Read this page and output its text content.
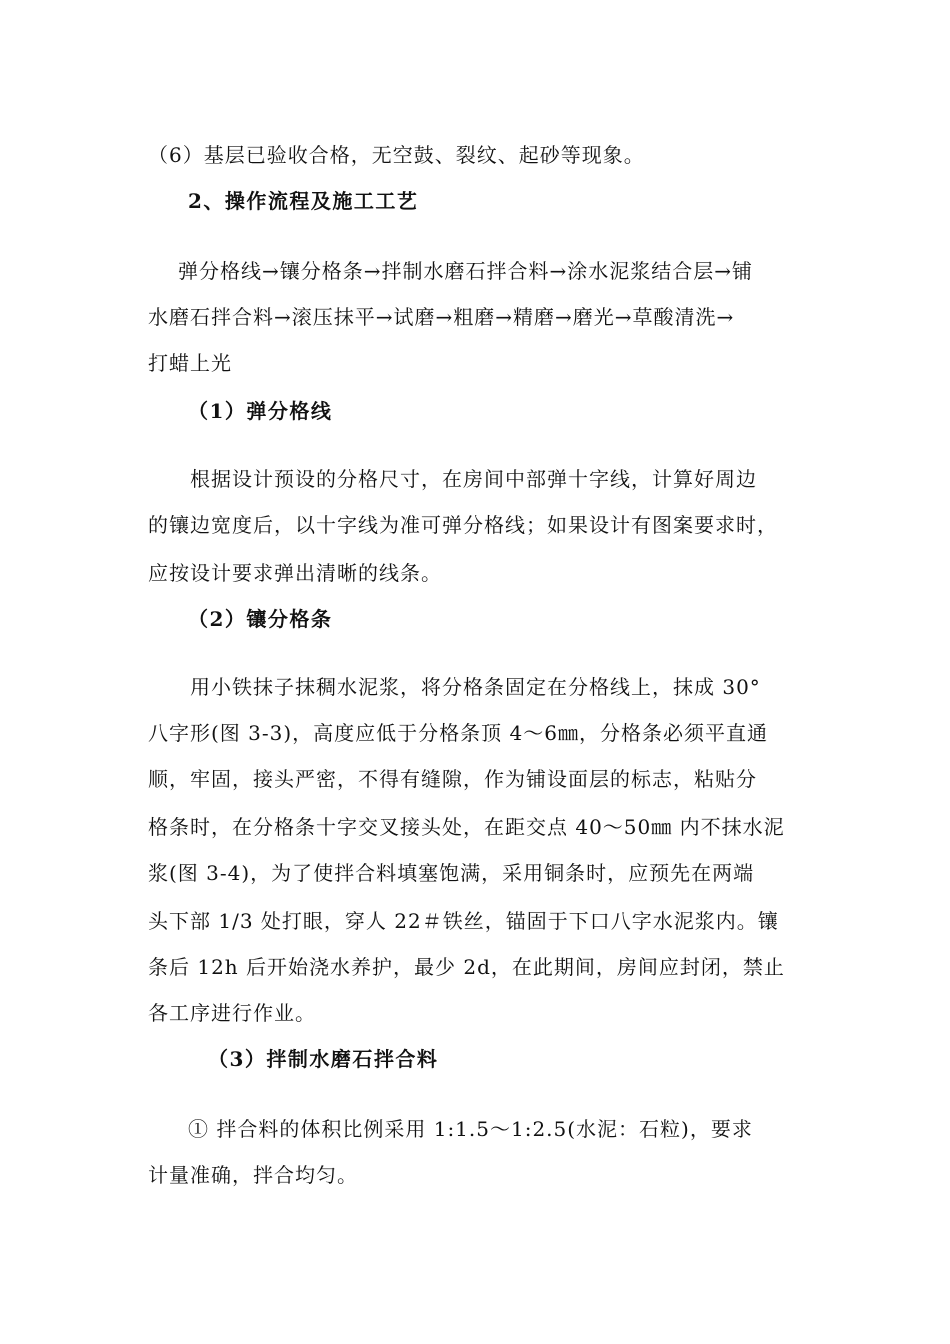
（6）基层已验收合格，无空鼓、裂纹、起砂等现象。
2、操作流程及施工工艺
弹分格线→镶分格条→拌制水磨石拌合料→涂水泥浆结合层→铺
水磨石拌合料→滚压抹平→试磨→粗磨→精磨→磨光→草酸清洗→
打蜡上光
（1）弹分格线
根据设计预设的分格尺寸，在房间中部弹十字线，计算好周边
的镶边宽度后，以十字线为准可弹分格线；如果设计有图案要求时，
应按设计要求弹出清晰的线条。
（2）镶分格条
用小铁抹子抹稠水泥浆，将分格条固定在分格线上，抹成 30°
八字形(图 3-3)，高度应低于分格条顶 4～6㎜，分格条必须平直通
顺，牢固，接头严密，不得有缝隙，作为铺设面层的标志，粘贴分
格条时，在分格条十字交叉接头处，在距交点 40～50㎜ 内不抹水泥
浆(图 3-4)，为了使拌合料填塞饱满，采用铜条时，应预先在两端
头下部 1/3 处打眼，穿人 22＃铁丝，锚固于下口八字水泥浆内。镶
条后 12h 后开始浇水养护，最少 2d，在此期间，房间应封闭，禁止
各工序进行作业。
（3）拌制水磨石拌合料
① 拌合料的体积比例采用 1:1.5～1:2.5(水泥：石粒)，要求
计量准确，拌合均匀。
